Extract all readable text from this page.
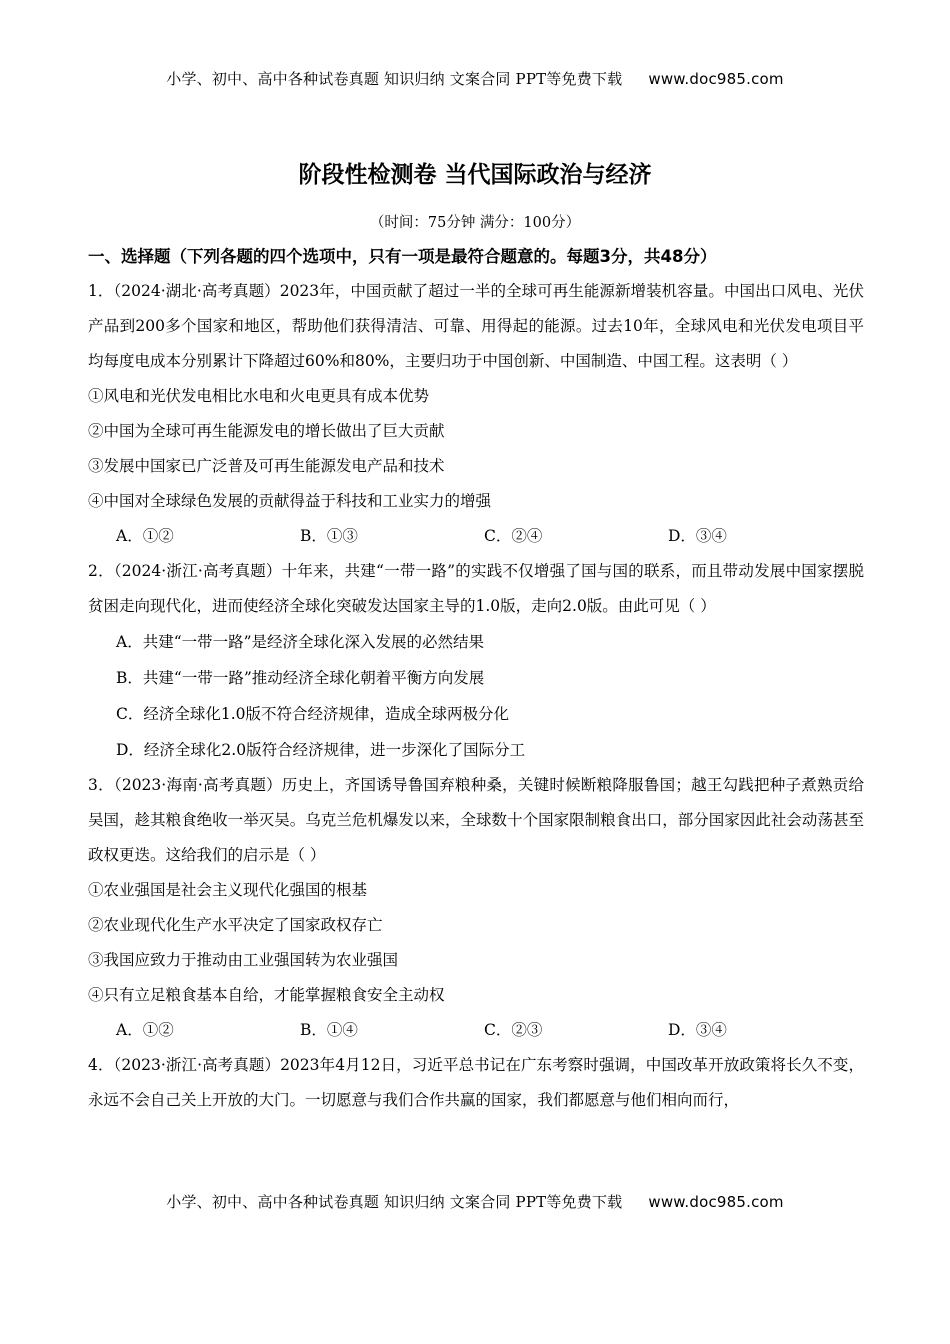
小学、初中、高中各种试卷真题 知识归纳 文案合同 PPT等免费下载 www.doc985.com
阶段性检测卷 当代国际政治与经济
（时间：75分钟 满分：100分）
一、选择题（下列各题的四个选项中，只有一项是最符合题意的。每题3分，共48分）
1．（2024·湖北·高考真题）2023年，中国贡献了超过一半的全球可再生能源新增装机容量。中国出口风电、光伏产品到200多个国家和地区，帮助他们获得清洁、可靠、用得起的能源。过去10年，全球风电和光伏发电项目平均每度电成本分别累计下降超过60%和80%，主要归功于中国创新、中国制造、中国工程。这表明（ ）
①风电和光伏发电相比水电和火电更具有成本优势
②中国为全球可再生能源发电的增长做出了巨大贡献
③发展中国家已广泛普及可再生能源发电产品和技术
④中国对全球绿色发展的贡献得益于科技和工业实力的增强
A．①②	B．①③	C．②④	D．③④
2．（2024·浙江·高考真题）十年来，共建“一带一路”的实践不仅增强了国与国的联系，而且带动发展中国家摆脱贫困走向现代化，进而使经济全球化突破发达国家主导的1.0版，走向2.0版。由此可见（ ）
A．共建“一带一路”是经济全球化深入发展的必然结果
B．共建“一带一路”推动经济全球化朝着平衡方向发展
C．经济全球化1.0版不符合经济规律，造成全球两极分化
D．经济全球化2.0版符合经济规律，进一步深化了国际分工
3．（2023·海南·高考真题）历史上，齐国诱导鲁国弃粮种桑，关键时候断粮降服鲁国；越王勾践把种子煮熟贡给吴国，趁其粮食绝收一举灭吴。乌克兰危机爆发以来，全球数十个国家限制粮食出口，部分国家因此社会动荡甚至政权更迭。这给我们的启示是（ ）
①农业强国是社会主义现代化强国的根基
②农业现代化生产水平决定了国家政权存亡
③我国应致力于推动由工业强国转为农业强国
④只有立足粮食基本自给，才能掌握粮食安全主动权
A．①②	B．①④	C．②③	D．③④
4．（2023·浙江·高考真题）2023年4月12日，习近平总书记在广东考察时强调，中国改革开放政策将长久不变，永远不会自己关上开放的大门。一切愿意与我们合作共赢的国家，我们都愿意与他们相向而行，
小学、初中、高中各种试卷真题 知识归纳 文案合同 PPT等免费下载 www.doc985.com
